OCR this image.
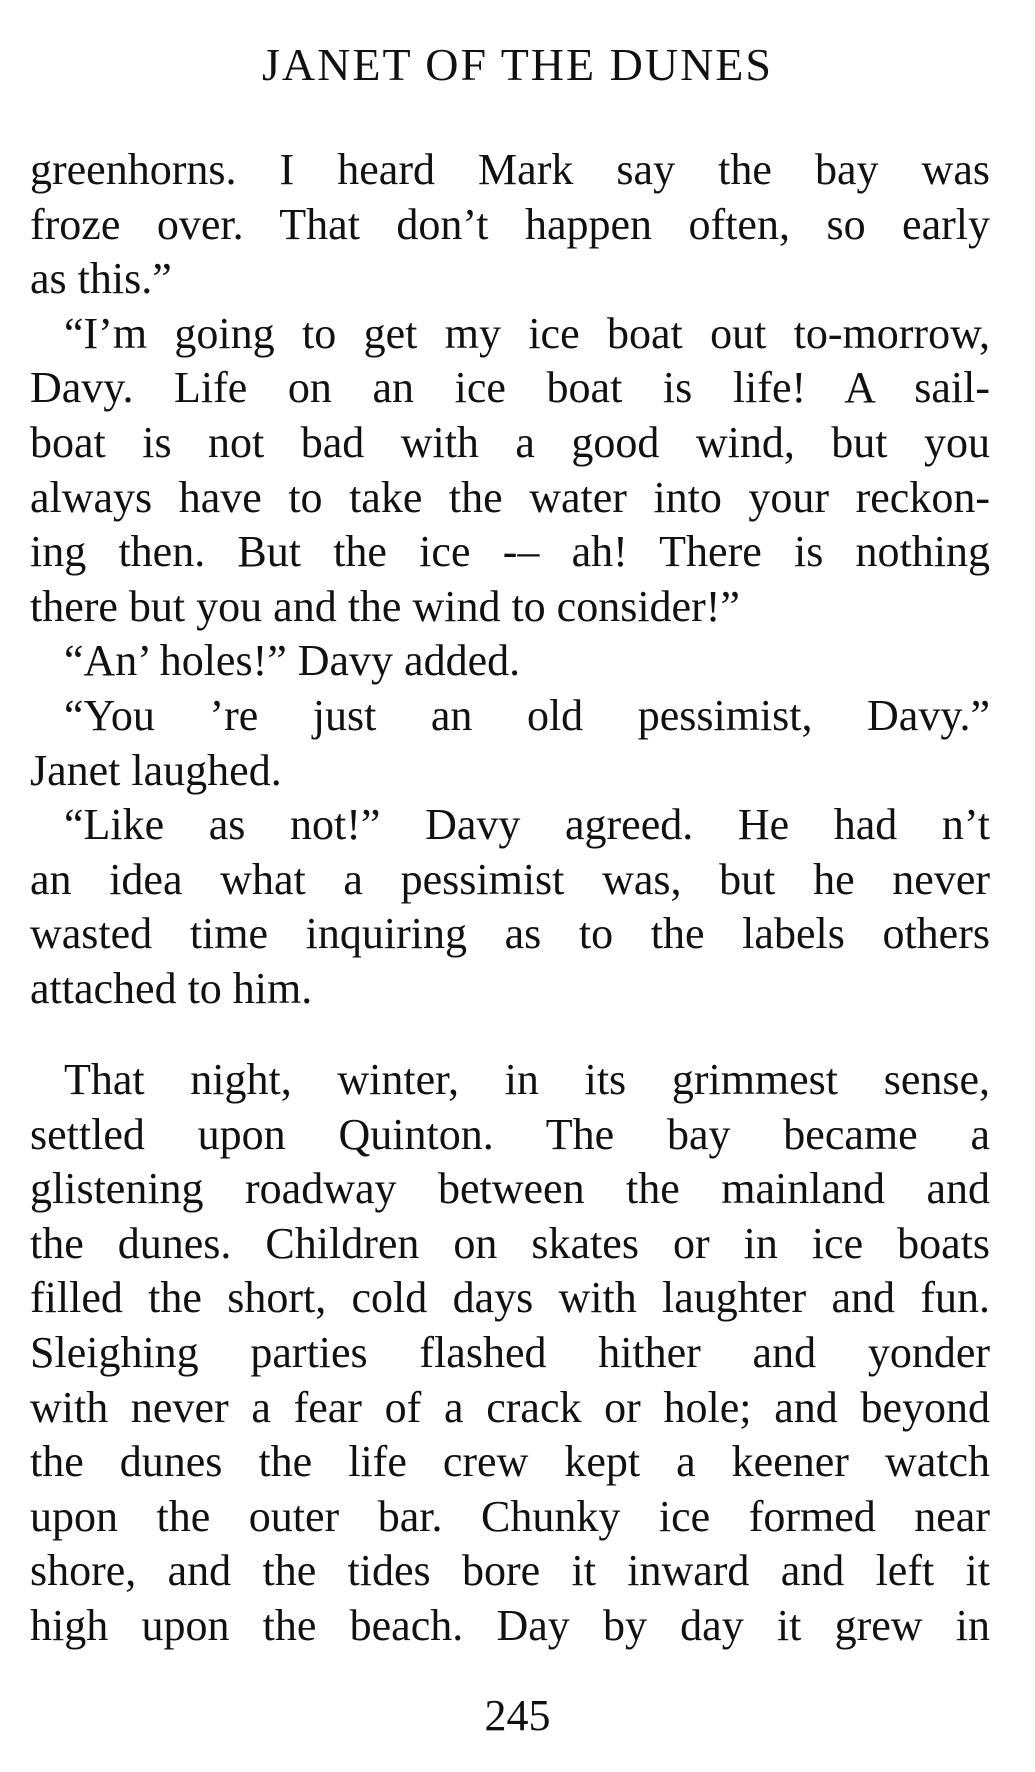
JANET OF THE DUNES
greenhorns. I heard Mark say the bay was
froze over. That don’t happen often, so early
as this.”
“I’m going to get my ice boat out to-morrow,
Davy. Life on an ice boat is life! A sail-
boat is not bad with a good wind, but you
always have to take the water into your reckon-
ing then. But the ice -– ah! There is nothing
there but you and the wind to consider!”
“An’ holes!” Davy added.
“You ’re just an old pessimist, Davy.”
Janet laughed.
“Like as not!” Davy agreed. He had n’t
an idea what a pessimist was, but he never
wasted time inquiring as to the labels others
attached to him.
That night, winter, in its grimmest sense,
settled upon Quinton. The bay became a
glistening roadway between the mainland and
the dunes. Children on skates or in ice boats
filled the short, cold days with laughter and fun.
Sleighing parties flashed hither and yonder
with never a fear of a crack or hole; and beyond
the dunes the life crew kept a keener watch
upon the outer bar. Chunky ice formed near
shore, and the tides bore it inward and left it
high upon the beach. Day by day it grew in
245
